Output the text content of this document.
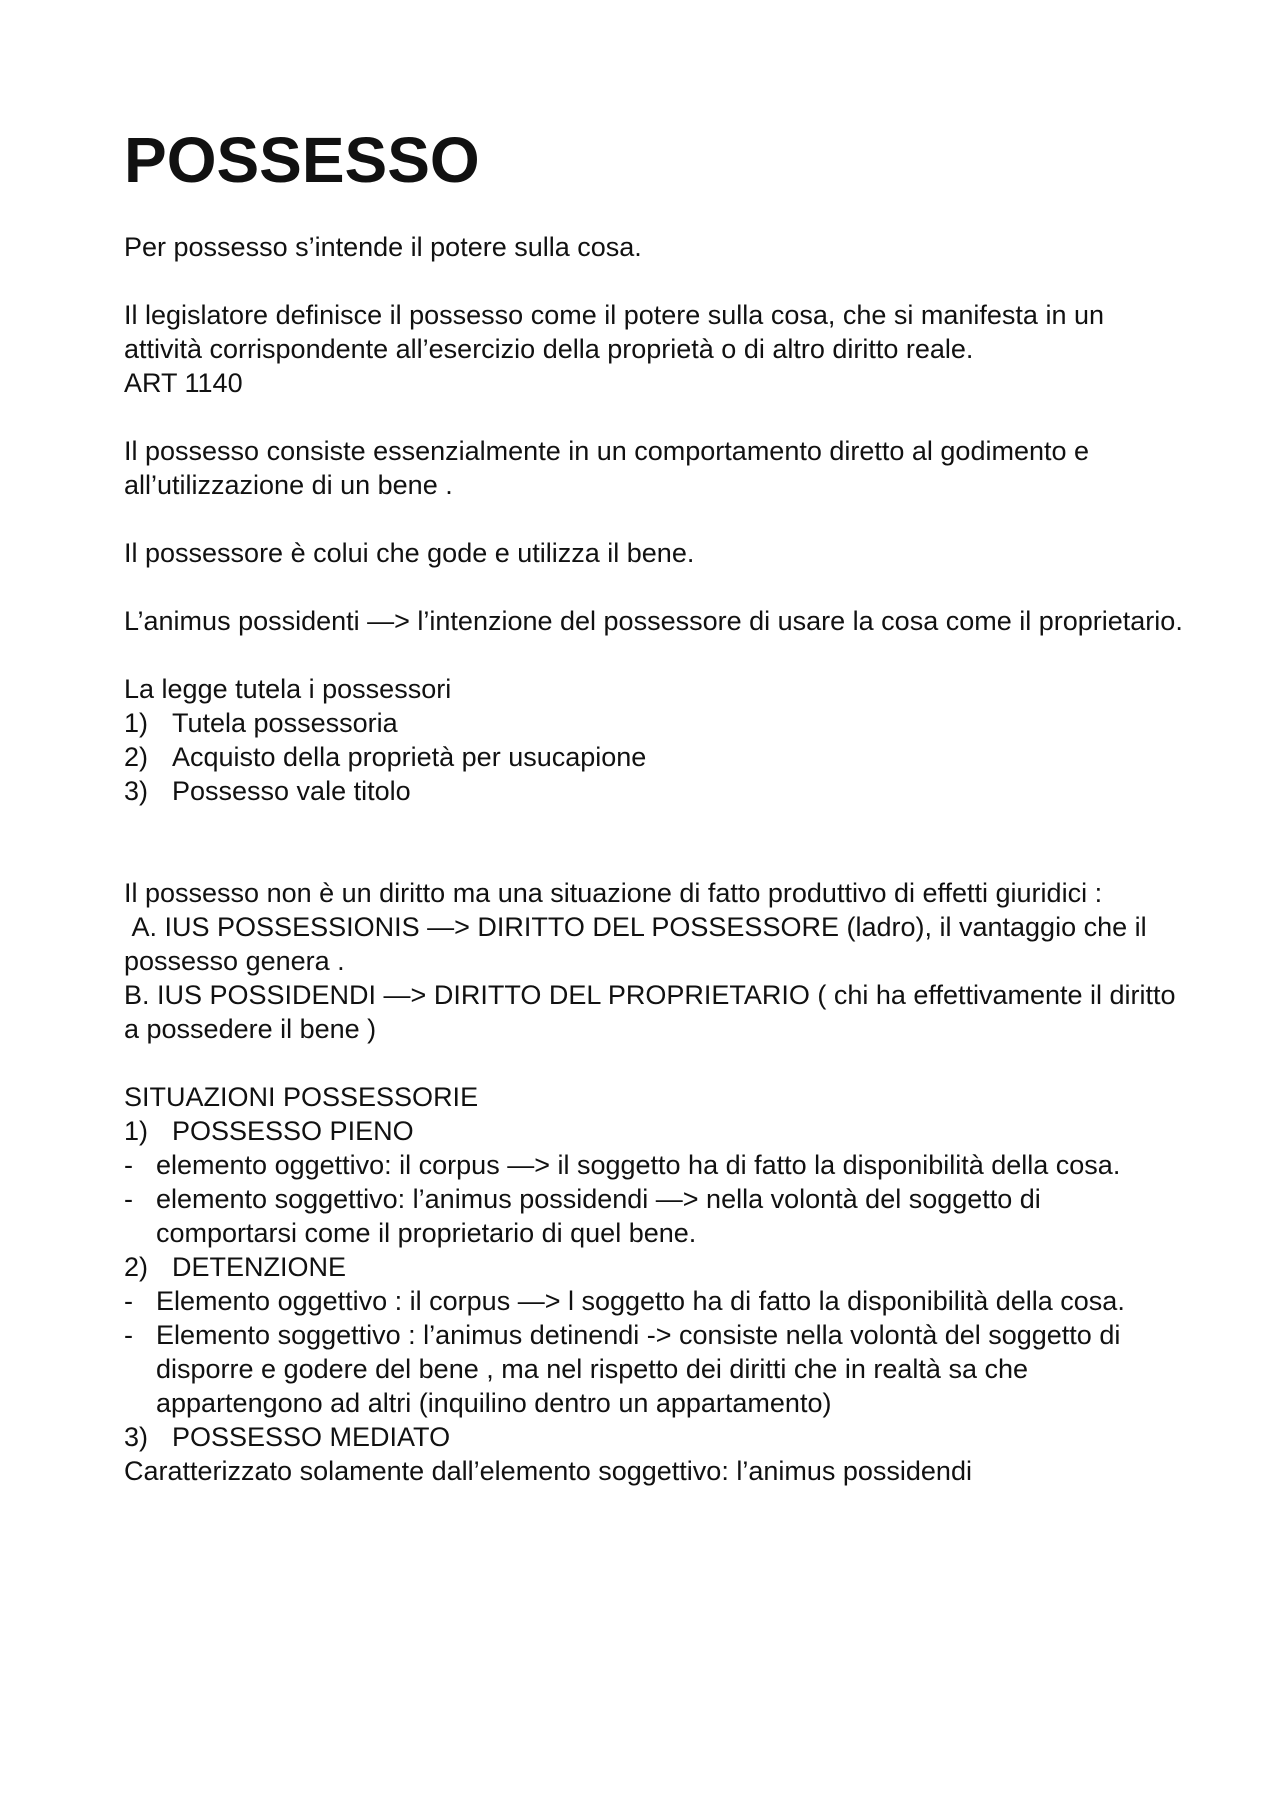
POSSESSO

Per possesso s’intende il potere sulla cosa.

Il legislatore definisce il possesso come il potere sulla cosa, che si manifesta in un attività corrispondente all’esercizio della proprietà o di altro diritto reale.

ART 1140

Il possesso consiste essenzialmente in un comportamento diretto al godimento e all’utilizzazione di un bene .

Il possessore è colui che gode e utilizza il bene.

L’animus possidenti —> l’intenzione del possessore di usare la cosa come il proprietario.

La legge tutela i possessori

1) Tutela possessoria
2) Acquisto della proprietà per usucapione
3) Possesso vale titolo

Il possesso non è un diritto ma una situazione di fatto produttivo di effetti giuridici :

A. IUS POSSESSIONIS —> DIRITTO DEL POSSESSORE (ladro), il vantaggio che il possesso genera .

B. IUS POSSIDENDI —> DIRITTO DEL PROPRIETARIO ( chi ha effettivamente il diritto a possedere il bene )

SITUAZIONI POSSESSORIE

1) POSSESSO PIENO
- elemento oggettivo: il corpus —> il soggetto ha di fatto la disponibilità della cosa.
- elemento soggettivo: l’animus possidendi —> nella volontà del soggetto di comportarsi come il proprietario di quel bene.
2) DETENZIONE
- Elemento oggettivo : il corpus —> l soggetto ha di fatto la disponibilità della cosa.
- Elemento soggettivo : l’animus detinendi -> consiste nella volontà del soggetto di disporre e godere del bene , ma nel rispetto dei diritti che in realtà sa che appartengono ad altri (inquilino dentro un appartamento)
3) POSSESSO MEDIATO

Caratterizzato solamente dall’elemento soggettivo: l’animus possidendi
